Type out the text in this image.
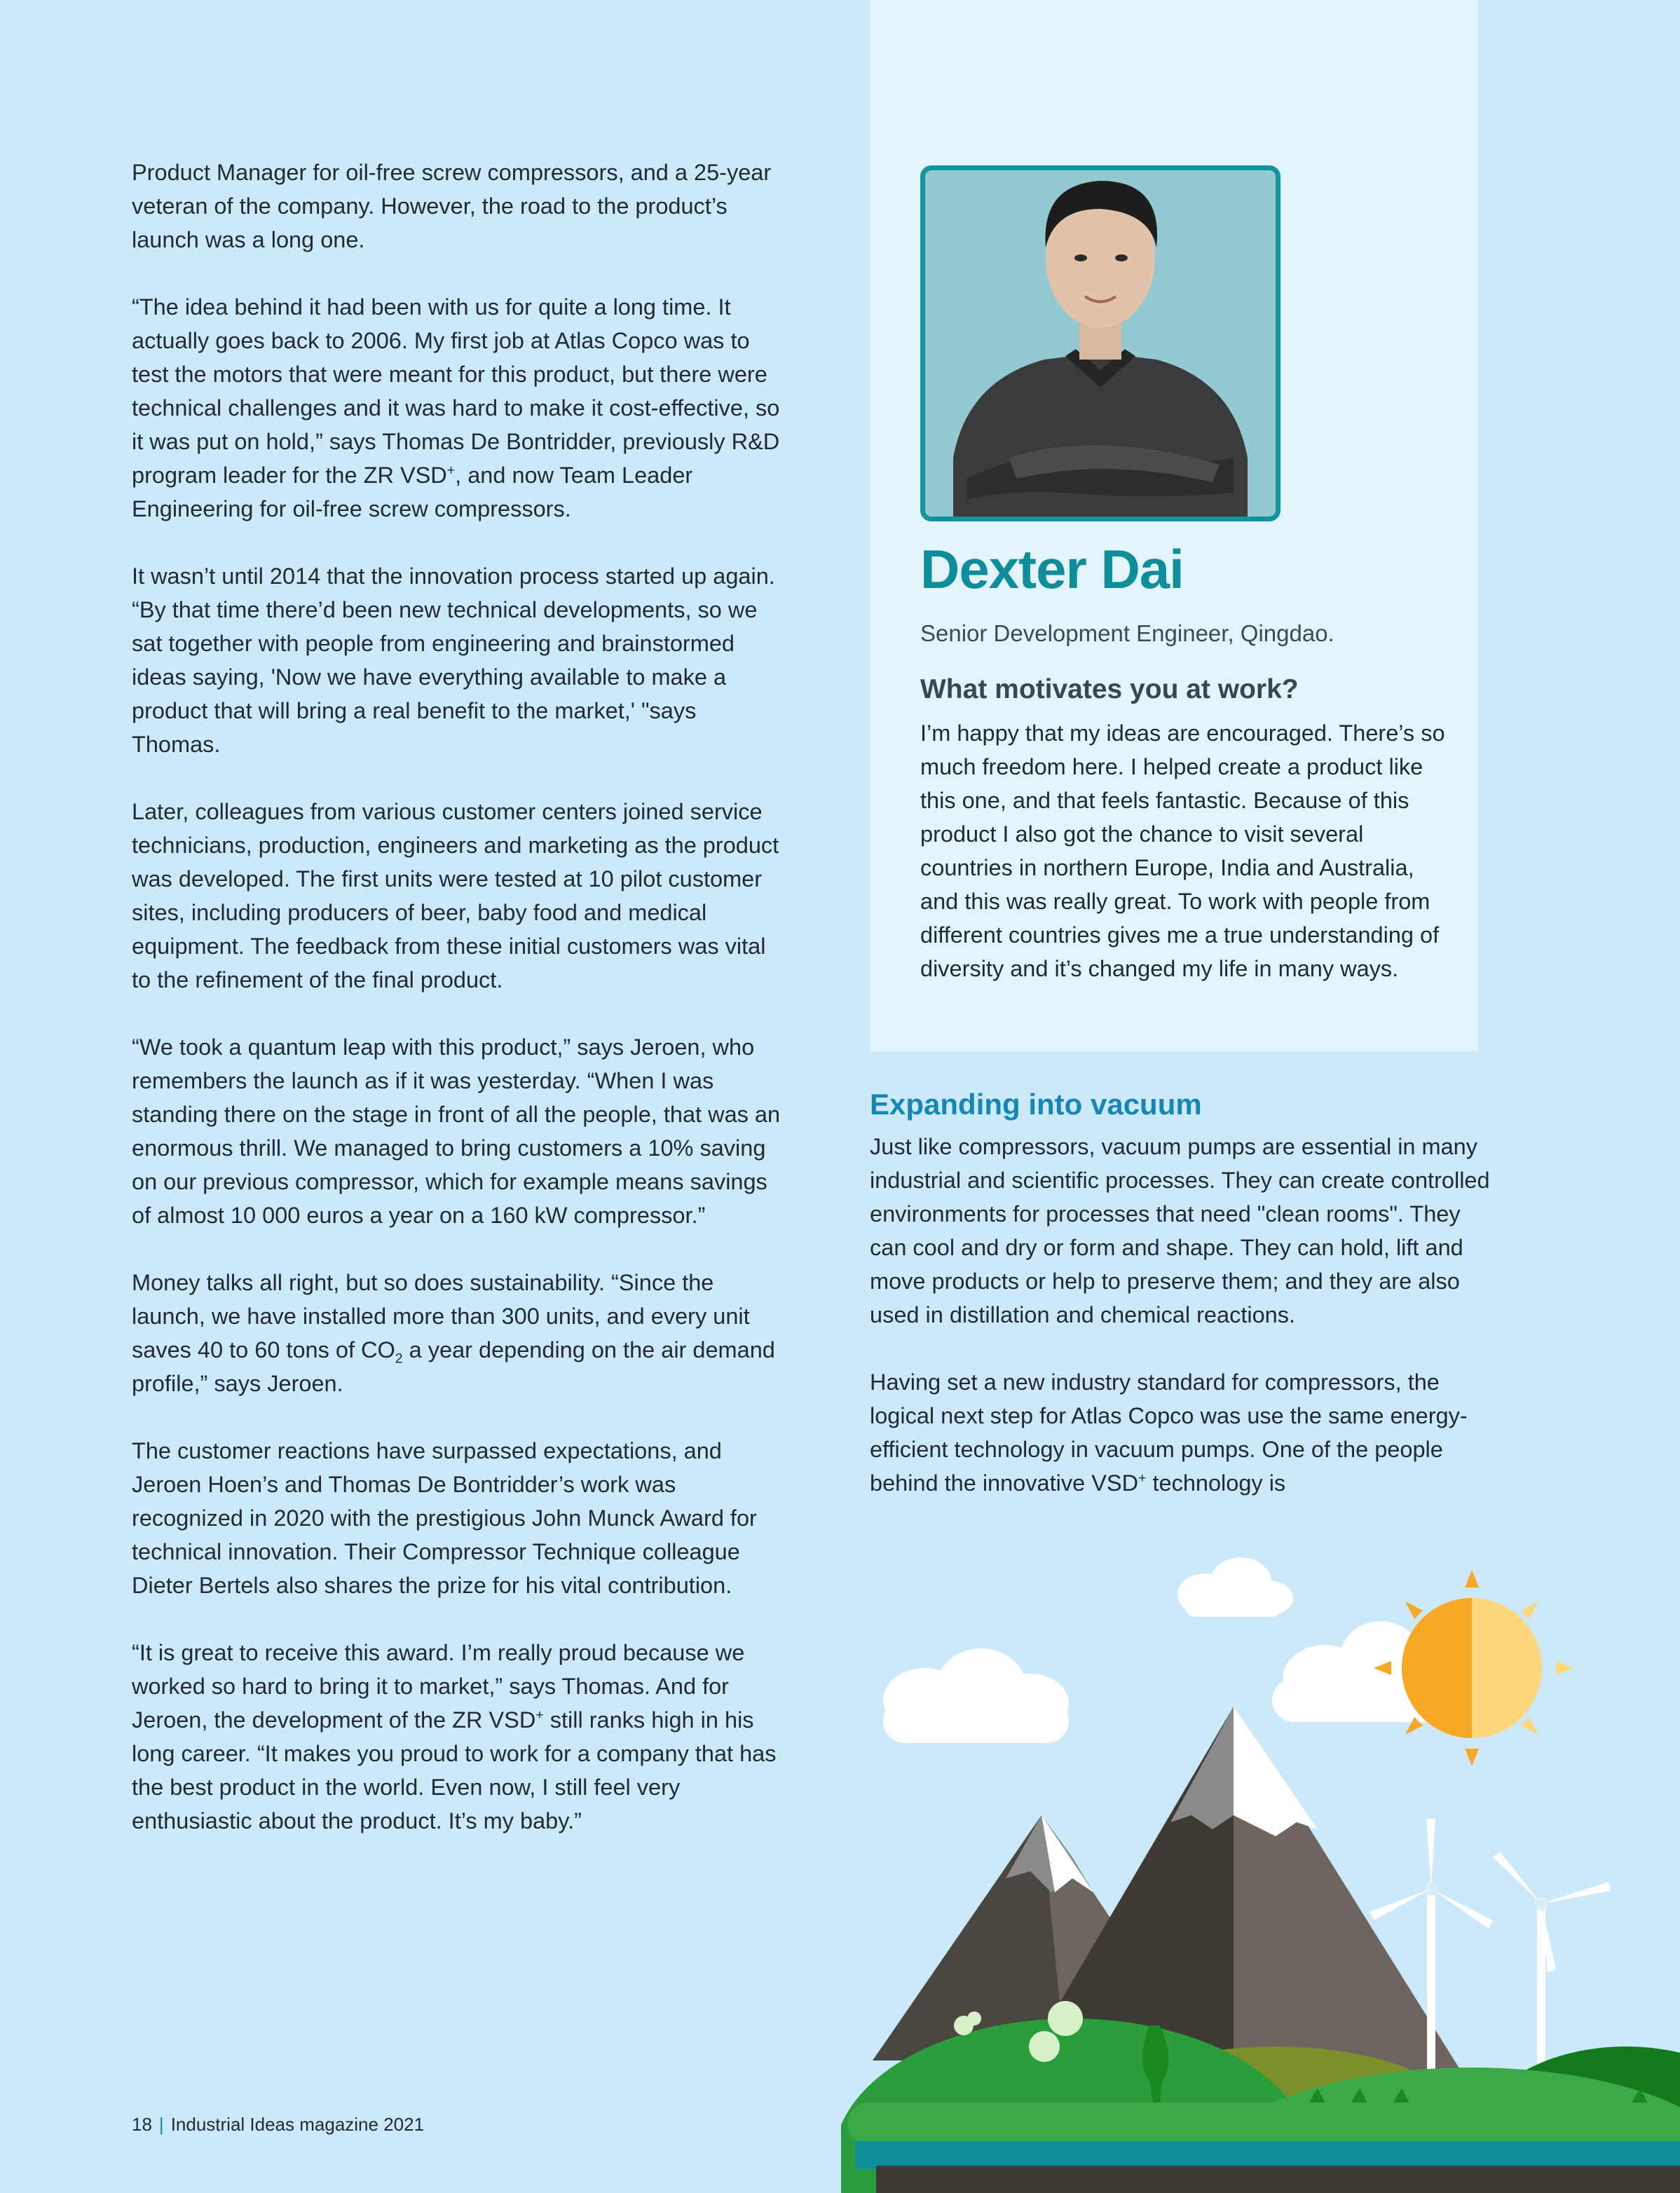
Product Manager for oil-free screw compressors, and a 25-year veteran of the company. However, the road to the product’s launch was a long one.

“The idea behind it had been with us for quite a long time. It actually goes back to 2006. My first job at Atlas Copco was to test the motors that were meant for this product, but there were technical challenges and it was hard to make it cost-effective, so it was put on hold,” says Thomas De Bontridder, previously R&D program leader for the ZR VSD+, and now Team Leader Engineering for oil-free screw compressors.

It wasn’t until 2014 that the innovation process started up again. “By that time there’d been new technical developments, so we sat together with people from engineering and brainstormed ideas saying, 'Now we have everything available to make a product that will bring a real benefit to the market,' "says Thomas.

Later, colleagues from various customer centers joined service technicians, production, engineers and marketing as the product was developed. The first units were tested at 10 pilot customer sites, including producers of beer, baby food and medical equipment. The feedback from these initial customers was vital to the refinement of the final product.

“We took a quantum leap with this product,” says Jeroen, who remembers the launch as if it was yesterday. “When I was standing there on the stage in front of all the people, that was an enormous thrill. We managed to bring customers a 10% saving on our previous compressor, which for example means savings of almost 10 000 euros a year on a 160 kW compressor.”

Money talks all right, but so does sustainability. “Since the launch, we have installed more than 300 units, and every unit saves 40 to 60 tons of $CO_2$ a year depending on the air demand profile,” says Jeroen.

The customer reactions have surpassed expectations, and Jeroen Hoen’s and Thomas De Bontridder’s work was recognized in 2020 with the prestigious John Munck Award for technical innovation. Their Compressor Technique colleague Dieter Bertels also shares the prize for his vital contribution.

“It is great to receive this award. I’m really proud because we worked so hard to bring it to market,” says Thomas. And for Jeroen, the development of the ZR VSD+ still ranks high in his long career. “It makes you proud to work for a company that has the best product in the world. Even now, I still feel very enthusiastic about the product. It’s my baby.”

Dexter Dai
Senior Development Engineer, Qingdao.
What motivates you at work?

I’m happy that my ideas are encouraged. There’s so much freedom here. I helped create a product like this one, and that feels fantastic. Because of this product I also got the chance to visit several countries in northern Europe, India and Australia, and this was really great. To work with people from different countries gives me a true understanding of diversity and it’s changed my life in many ways.

Expanding into vacuum

Just like compressors, vacuum pumps are essential in many industrial and scientific processes. They can create controlled environments for processes that need "clean rooms". They can cool and dry or form and shape. They can hold, lift and move products or help to preserve them; and they are also used in distillation and chemical reactions.

Having set a new industry standard for compressors, the logical next step for Atlas Copco was use the same energy-efficient technology in vacuum pumps. One of the people behind the innovative VSD+ technology is

18 | Industrial Ideas magazine 2021
